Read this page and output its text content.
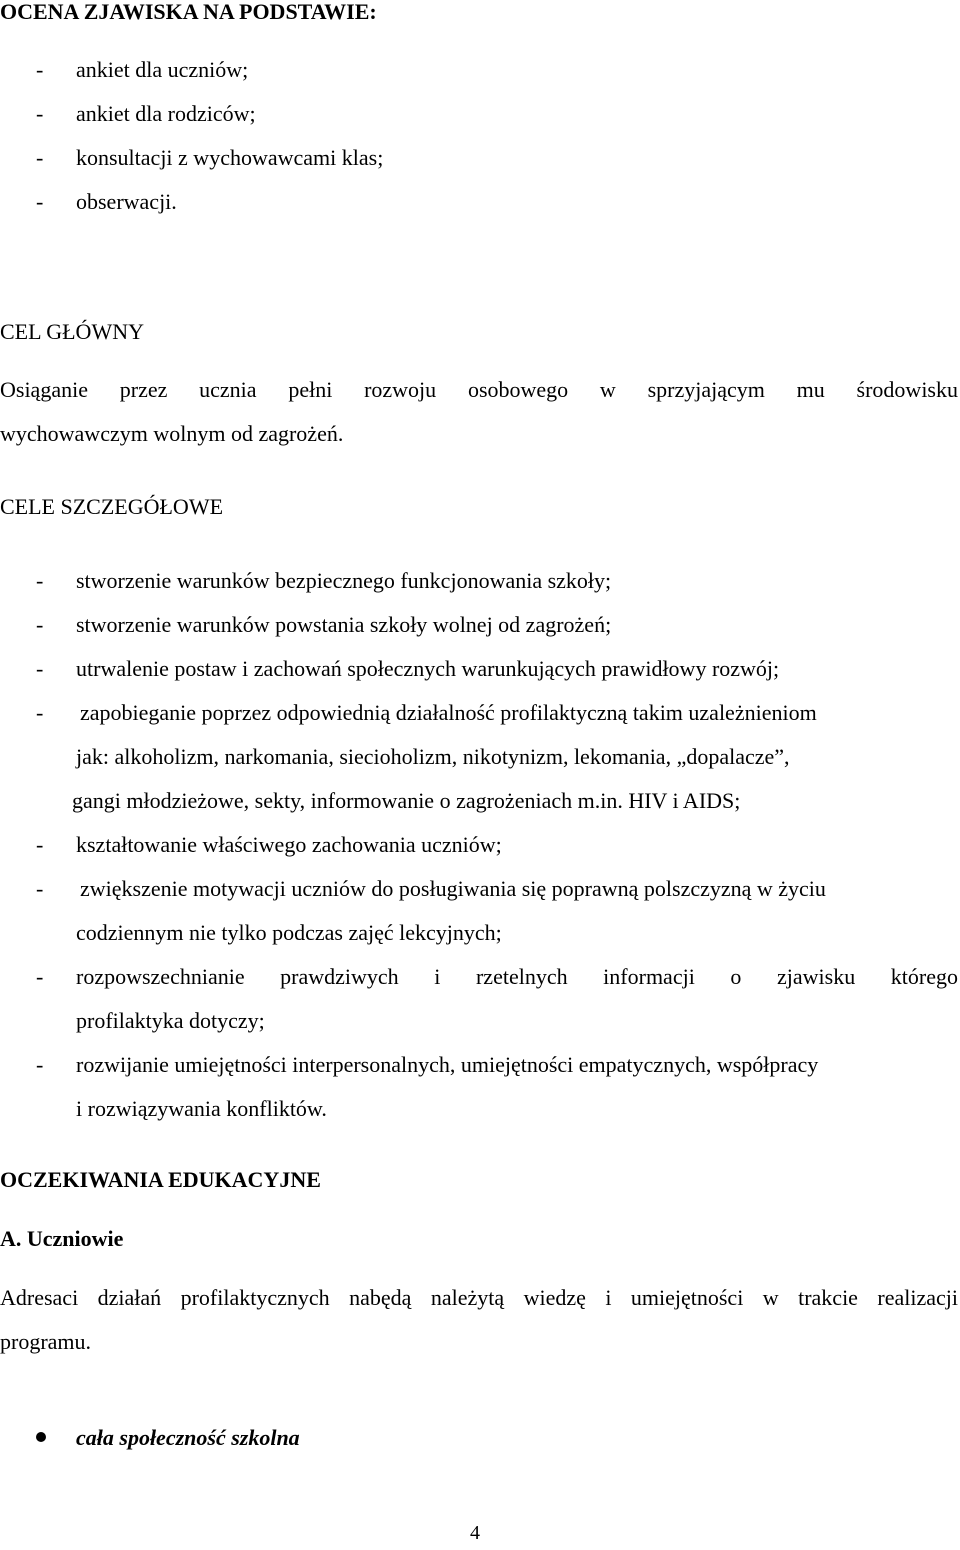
OCENA ZJAWISKA NA PODSTAWIE:
-	ankiet dla uczniów;
-	ankiet dla rodziców;
-	konsultacji z wychowawcami klas;
-	obserwacji.
CEL GŁÓWNY
Osiąganie przez ucznia pełni rozwoju osobowego w sprzyjającym mu środowisku
wychowawczym wolnym od zagrożeń.
CELE SZCZEGÓŁOWE
-	stworzenie warunków bezpiecznego funkcjonowania szkoły;
-	stworzenie warunków powstania szkoły wolnej od zagrożeń;
-	utrwalenie postaw i zachowań społecznych warunkujących prawidłowy rozwój;
-	zapobieganie poprzez odpowiednią działalność profilaktyczną takim uzależnieniom
jak: alkoholizm, narkomania, siecioholizm, nikotynizm, lekomania, „dopalacze”,
gangi młodzieżowe, sekty, informowanie o zagrożeniach m.in. HIV i AIDS;
-	kształtowanie właściwego zachowania uczniów;
-	zwiększenie motywacji uczniów do posługiwania się poprawną polszczyzną w życiu
codziennym nie tylko podczas zajęć lekcyjnych;
-	rozpowszechnianie prawdziwych i rzetelnych informacji o zjawisku którego
profilaktyka dotyczy;
-	rozwijanie umiejętności interpersonalnych, umiejętności empatycznych, współpracy
i rozwiązywania konfliktów.
OCZEKIWANIA EDUKACYJNE
A. Uczniowie
Adresaci działań profilaktycznych nabędą należytą wiedzę i umiejętności w trakcie realizacji
programu.
cała społeczność szkolna
4
